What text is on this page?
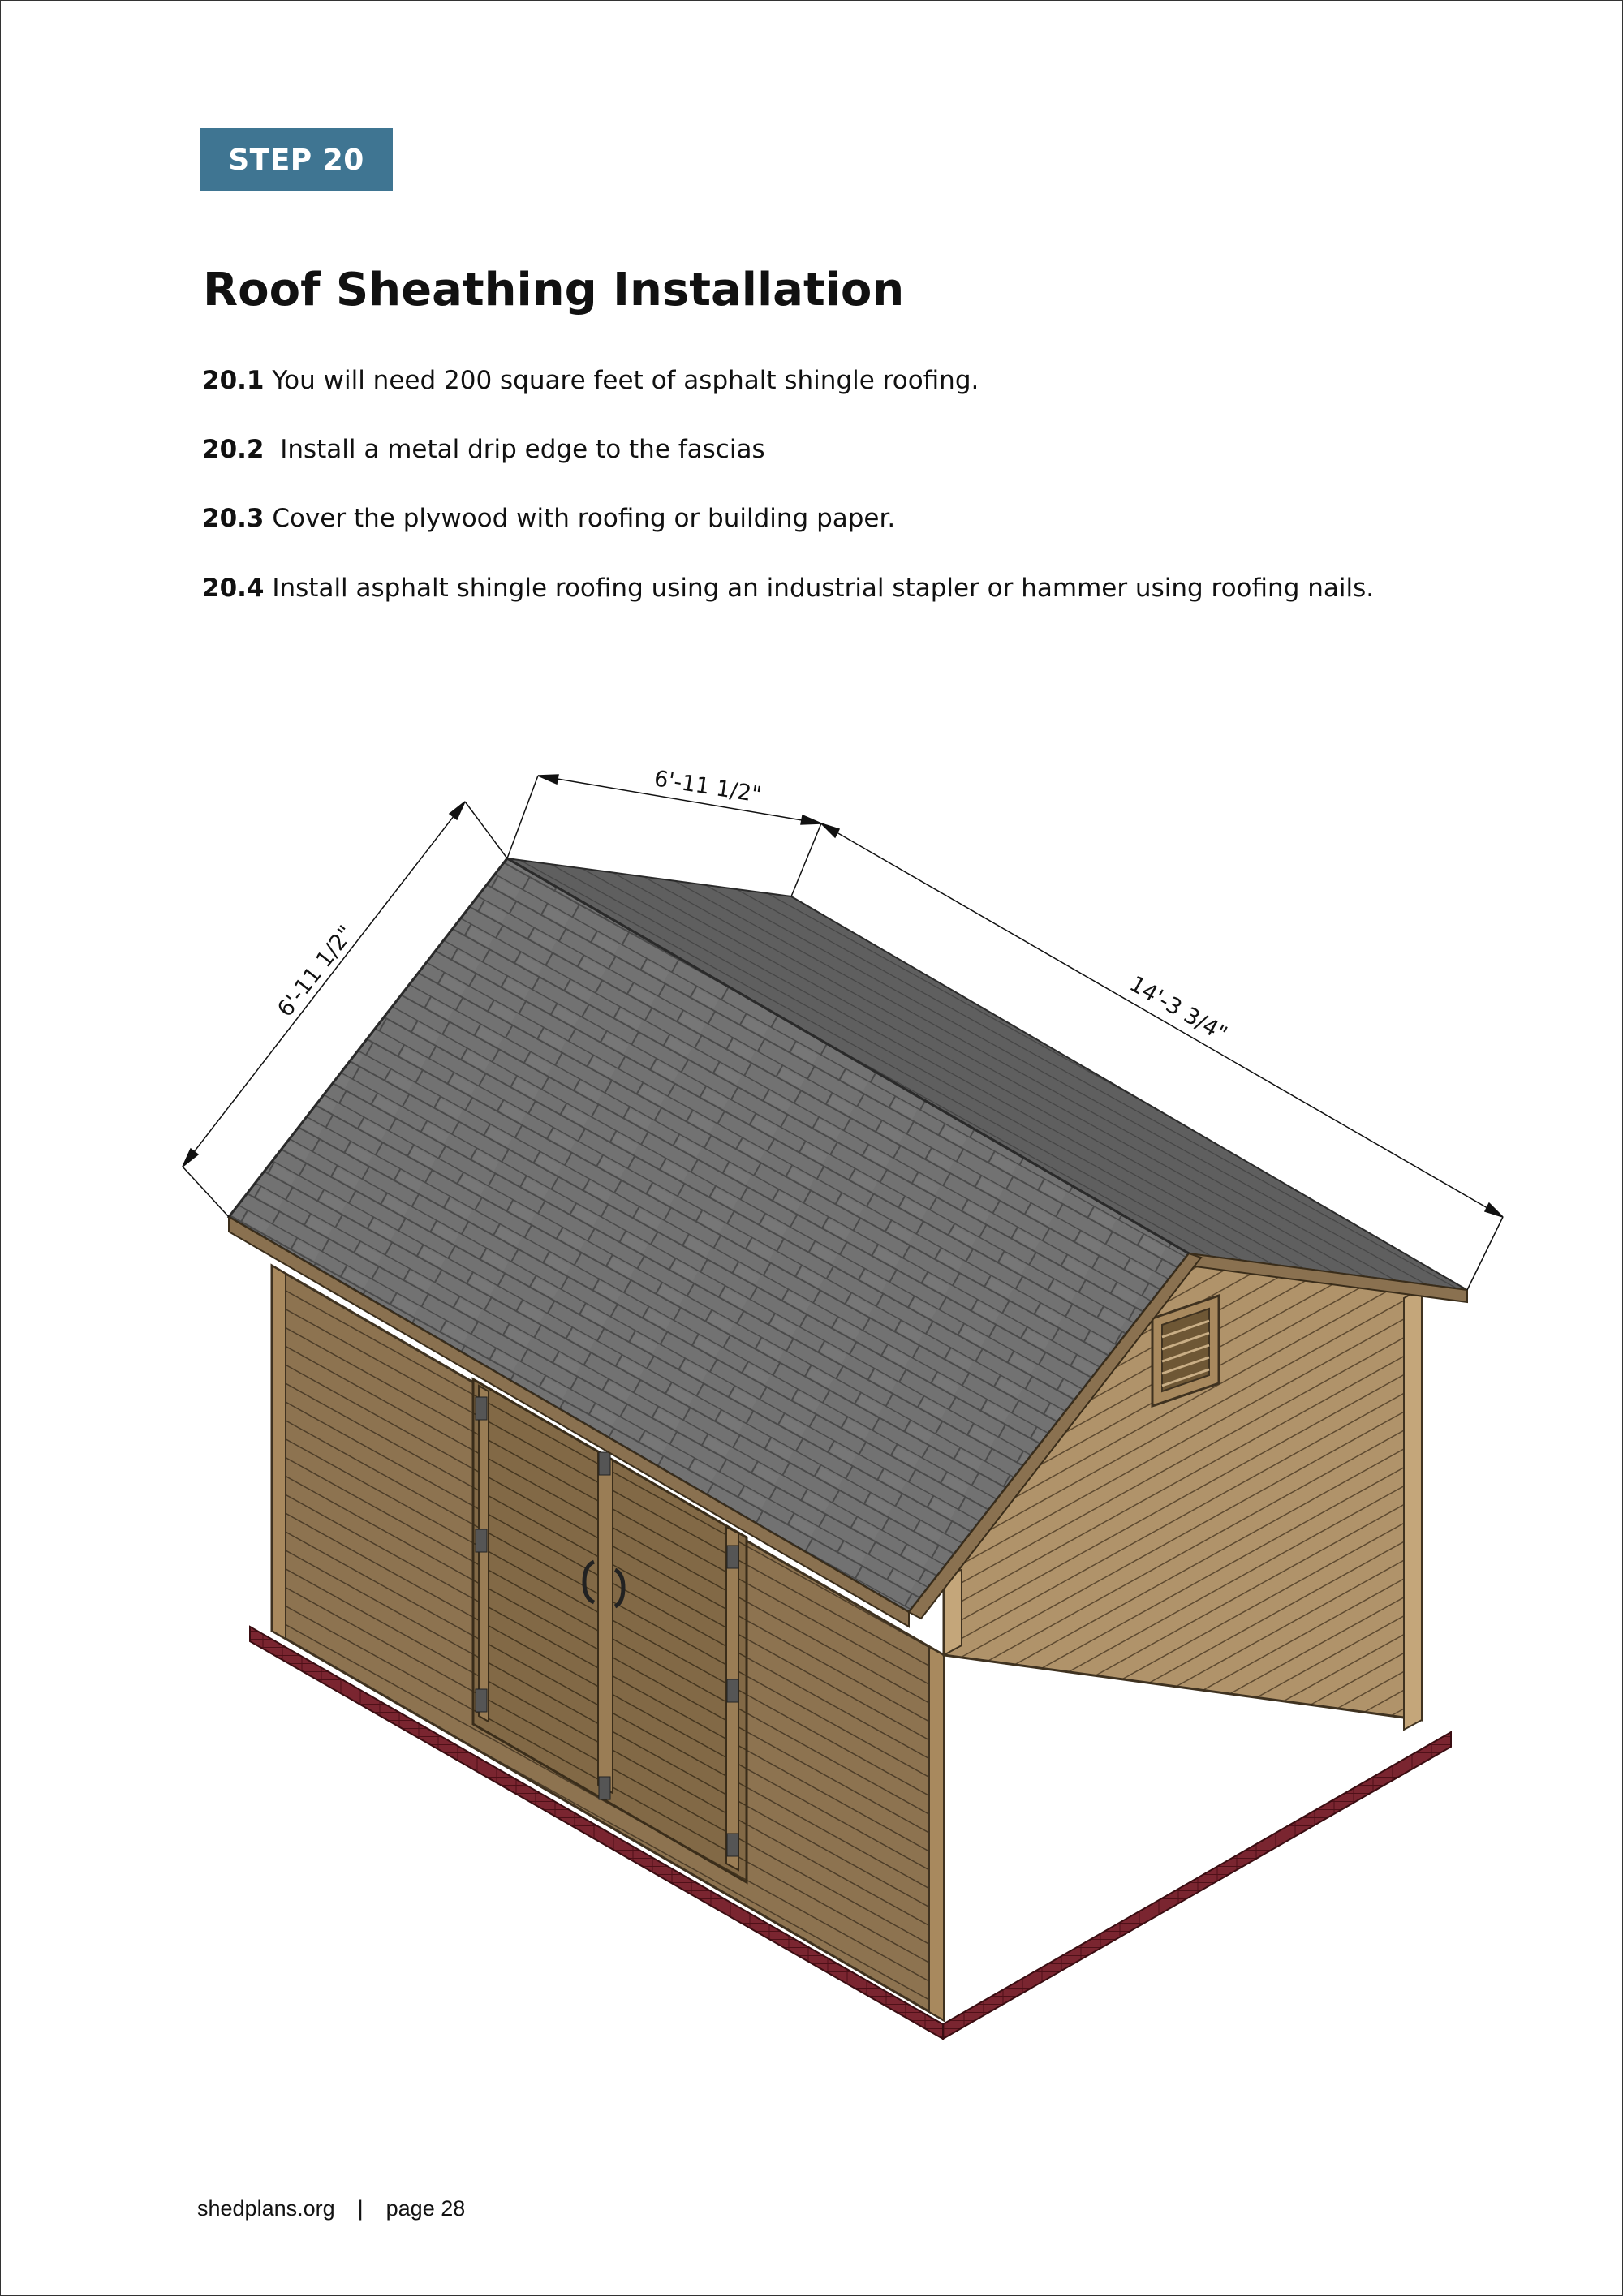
STEP 20
Roof Sheathing Installation

20.1 You will need 200 square feet of asphalt shingle roofing.

20.2  Install a metal drip edge to the fascias

20.3 Cover the plywood with roofing or building paper.

20.4 Install asphalt shingle roofing using an industrial stapler or hammer using roofing nails.

6'-11 1/2"
6'-11 1/2"	14'-3 3/4"
shedplans.org | page 28
